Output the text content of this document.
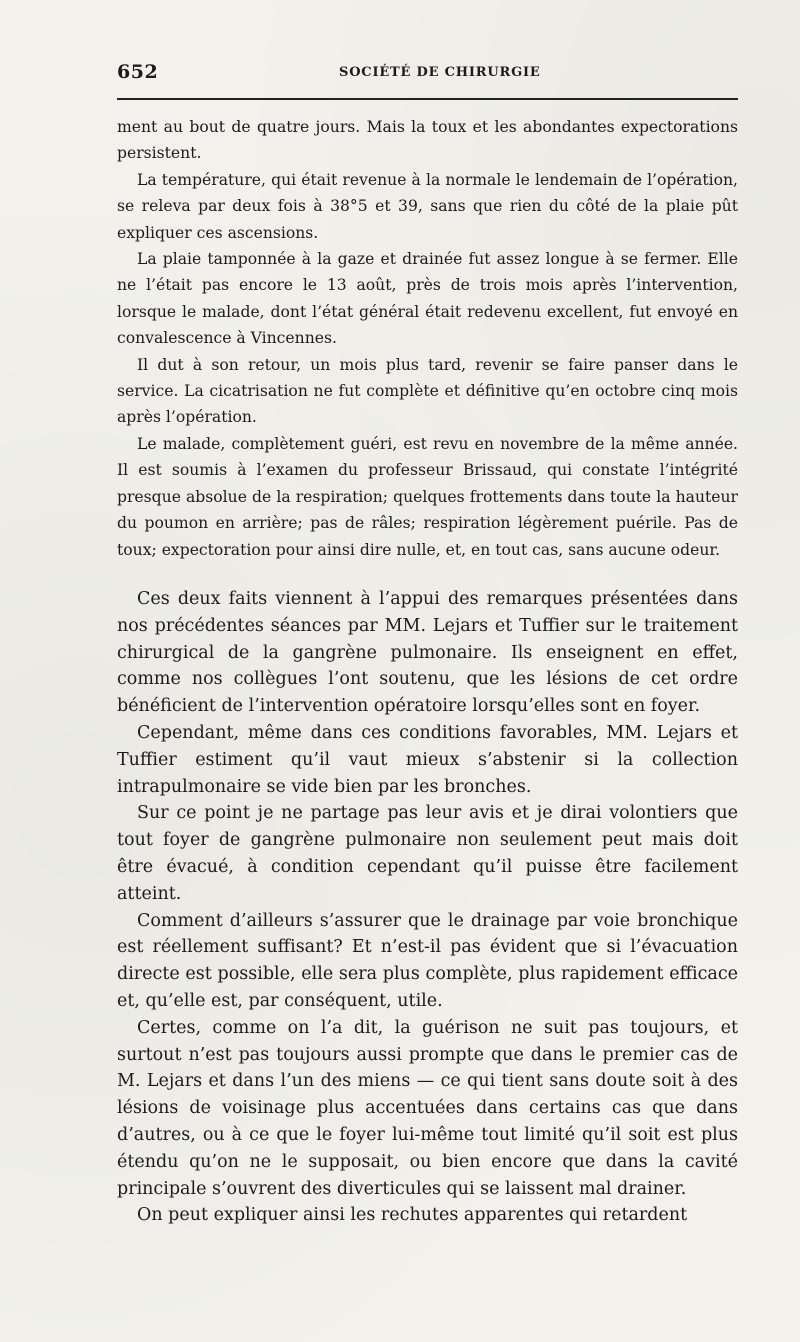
652	SOCIÉTÉ DE CHIRURGIE

ment au bout de quatre jours. Mais la toux et les abondantes expectorations persistent.

La température, qui était revenue à la normale le lendemain de l’opération, se releva par deux fois à 38°5 et 39, sans que rien du côté de la plaie pût expliquer ces ascensions.

La plaie tamponnée à la gaze et drainée fut assez longue à se fermer. Elle ne l’était pas encore le 13 août, près de trois mois après l’intervention, lorsque le malade, dont l’état général était redevenu excellent, fut envoyé en convalescence à Vincennes.

Il dut à son retour, un mois plus tard, revenir se faire panser dans le service. La cicatrisation ne fut complète et définitive qu’en octobre cinq mois après l’opération.

Le malade, complètement guéri, est revu en novembre de la même année. Il est soumis à l’examen du professeur Brissaud, qui constate l’intégrité presque absolue de la respiration; quelques frottements dans toute la hauteur du poumon en arrière; pas de râles; respiration légèrement puérile. Pas de toux; expectoration pour ainsi dire nulle, et, en tout cas, sans aucune odeur.

Ces deux faits viennent à l’appui des remarques présentées dans nos précédentes séances par MM. Lejars et Tuffier sur le traitement chirurgical de la gangrène pulmonaire. Ils enseignent en effet, comme nos collègues l’ont soutenu, que les lésions de cet ordre bénéficient de l’intervention opératoire lorsqu’elles sont en foyer.

Cependant, même dans ces conditions favorables, MM. Lejars et Tuffier estiment qu’il vaut mieux s’abstenir si la collection intrapulmonaire se vide bien par les bronches.

Sur ce point je ne partage pas leur avis et je dirai volontiers que tout foyer de gangrène pulmonaire non seulement peut mais doit être évacué, à condition cependant qu’il puisse être facilement atteint.

Comment d’ailleurs s’assurer que le drainage par voie bronchique est réellement suffisant? Et n’est-il pas évident que si l’évacuation directe est possible, elle sera plus complète, plus rapidement efficace et, qu’elle est, par conséquent, utile.

Certes, comme on l’a dit, la guérison ne suit pas toujours, et surtout n’est pas toujours aussi prompte que dans le premier cas de M. Lejars et dans l’un des miens — ce qui tient sans doute soit à des lésions de voisinage plus accentuées dans certains cas que dans d’autres, ou à ce que le foyer lui-même tout limité qu’il soit est plus étendu qu’on ne le supposait, ou bien encore que dans la cavité principale s’ouvrent des diverticules qui se laissent mal drainer.

On peut expliquer ainsi les rechutes apparentes qui retardent
